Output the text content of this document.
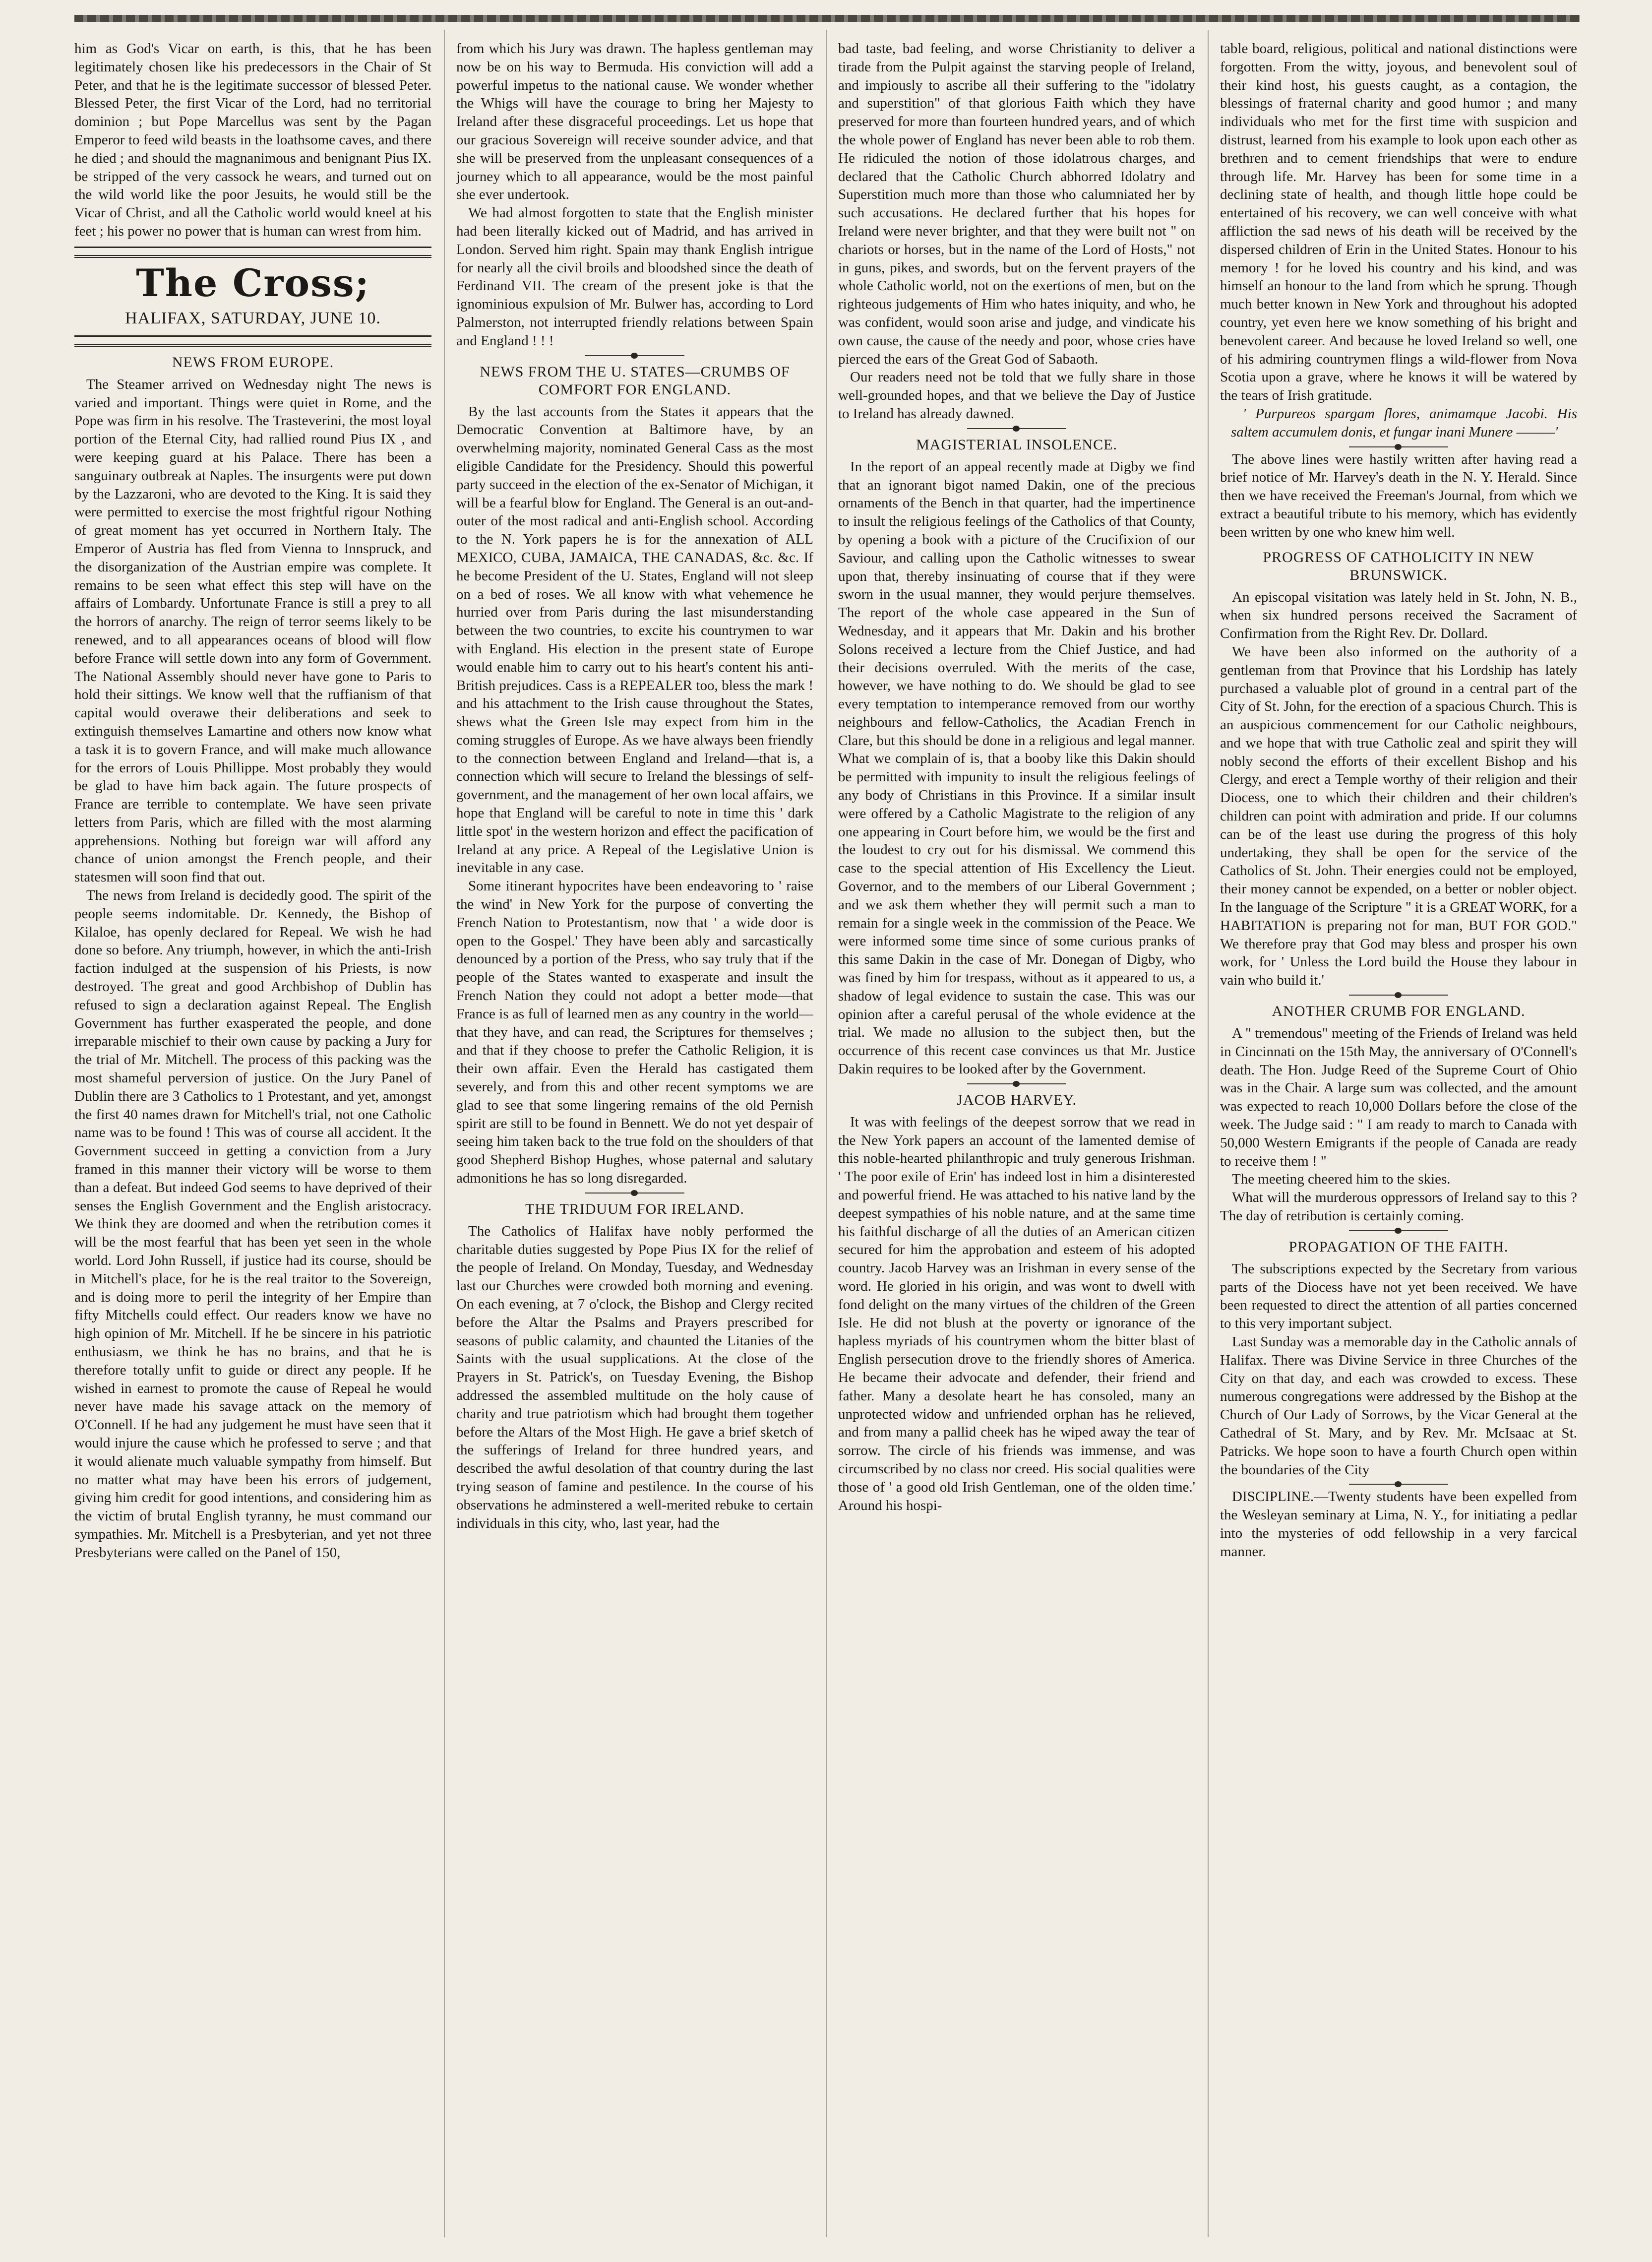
him as God's Vicar on earth, is this, that he has been legitimately chosen like his predecessors in the Chair of St Peter, and that he is the legitimate successor of blessed Peter. Blessed Peter, the first Vicar of the Lord, had no territorial dominion ; but Pope Marcellus was sent by the Pagan Emperor to feed wild beasts in the loathsome caves, and there he died ; and should the magnanimous and benignant Pius IX. be stripped of the very cassock he wears, and turned out on the wild world like the poor Jesuits, he would still be the Vicar of Christ, and all the Catholic world would kneel at his feet ; his power no power that is human can wrest from him.

The Cross;
HALIFAX, SATURDAY, JUNE 10.
NEWS FROM EUROPE.

The Steamer arrived on Wednesday night The news is varied and important. Things were quiet in Rome, and the Pope was firm in his resolve. The Trasteverini, the most loyal portion of the Eternal City, had rallied round Pius IX , and were keeping guard at his Palace. There has been a sanguinary outbreak at Naples. The insurgents were put down by the Lazzaroni, who are devoted to the King. It is said they were permitted to exercise the most frightful rigour Nothing of great moment has yet occurred in Northern Italy. The Emperor of Austria has fled from Vienna to Innspruck, and the disorganization of the Austrian empire was complete. It remains to be seen what effect this step will have on the affairs of Lombardy. Unfortunate France is still a prey to all the horrors of anarchy. The reign of terror seems likely to be renewed, and to all appearances oceans of blood will flow before France will settle down into any form of Government. The National Assembly should never have gone to Paris to hold their sittings. We know well that the ruffianism of that capital would overawe their deliberations and seek to extinguish themselves Lamartine and others now know what a task it is to govern France, and will make much allowance for the errors of Louis Phillippe. Most probably they would be glad to have him back again. The future prospects of France are terrible to contemplate. We have seen private letters from Paris, which are filled with the most alarming apprehensions. Nothing but foreign war will afford any chance of union amongst the French people, and their statesmen will soon find that out.

The news from Ireland is decidedly good. The spirit of the people seems indomitable. Dr. Kennedy, the Bishop of Kilaloe, has openly declared for Repeal. We wish he had done so before. Any triumph, however, in which the anti-Irish faction indulged at the suspension of his Priests, is now destroyed. The great and good Archbishop of Dublin has refused to sign a declaration against Repeal. The English Government has further exasperated the people, and done irreparable mischief to their own cause by packing a Jury for the trial of Mr. Mitchell. The process of this packing was the most shameful perversion of justice. On the Jury Panel of Dublin there are 3 Catholics to 1 Protestant, and yet, amongst the first 40 names drawn for Mitchell's trial, not one Catholic name was to be found ! This was of course all accident. It the Government succeed in getting a conviction from a Jury framed in this manner their victory will be worse to them than a defeat. But indeed God seems to have deprived of their senses the English Government and the English aristocracy. We think they are doomed and when the retribution comes it will be the most fearful that has been yet seen in the whole world. Lord John Russell, if justice had its course, should be in Mitchell's place, for he is the real traitor to the Sovereign, and is doing more to peril the integrity of her Empire than fifty Mitchells could effect. Our readers know we have no high opinion of Mr. Mitchell. If he be sincere in his patriotic enthusiasm, we think he has no brains, and that he is therefore totally unfit to guide or direct any people. If he wished in earnest to promote the cause of Repeal he would never have made his savage attack on the memory of O'Connell. If he had any judgement he must have seen that it would injure the cause which he professed to serve ; and that it would alienate much valuable sympathy from himself. But no matter what may have been his errors of judgement, giving him credit for good intentions, and considering him as the victim of brutal English tyranny, he must command our sympathies. Mr. Mitchell is a Presbyterian, and yet not three Presbyterians were called on the Panel of 150,

from which his Jury was drawn. The hapless gentleman may now be on his way to Bermuda. His conviction will add a powerful impetus to the national cause. We wonder whether the Whigs will have the courage to bring her Majesty to Ireland after these disgraceful proceedings. Let us hope that our gracious Sovereign will receive sounder advice, and that she will be preserved from the unpleasant consequences of a journey which to all appearance, would be the most painful she ever undertook.

We had almost forgotten to state that the English minister had been literally kicked out of Madrid, and has arrived in London. Served him right. Spain may thank English intrigue for nearly all the civil broils and bloodshed since the death of Ferdinand VII. The cream of the present joke is that the ignominious expulsion of Mr. Bulwer has, according to Lord Palmerston, not interrupted friendly relations between Spain and England ! ! !

NEWS FROM THE U. STATES—CRUMBS OF COMFORT FOR ENGLAND.

By the last accounts from the States it appears that the Democratic Convention at Baltimore have, by an overwhelming majority, nominated General Cass as the most eligible Candidate for the Presidency. Should this powerful party succeed in the election of the ex-Senator of Michigan, it will be a fearful blow for England. The General is an out-and-outer of the most radical and anti-English school. According to the N. York papers he is for the annexation of ALL MEXICO, CUBA, JAMAICA, THE CANADAS, &c. &c. If he become President of the U. States, England will not sleep on a bed of roses. We all know with what vehemence he hurried over from Paris during the last misunderstanding between the two countries, to excite his countrymen to war with England. His election in the present state of Europe would enable him to carry out to his heart's content his anti-British prejudices. Cass is a REPEALER too, bless the mark ! and his attachment to the Irish cause throughout the States, shews what the Green Isle may expect from him in the coming struggles of Europe. As we have always been friendly to the connection between England and Ireland—that is, a connection which will secure to Ireland the blessings of self-government, and the management of her own local affairs, we hope that England will be careful to note in time this ' dark little spot' in the western horizon and effect the pacification of Ireland at any price. A Repeal of the Legislative Union is inevitable in any case.

Some itinerant hypocrites have been endeavoring to ' raise the wind' in New York for the purpose of converting the French Nation to Protestantism, now that ' a wide door is open to the Gospel.' They have been ably and sarcastically denounced by a portion of the Press, who say truly that if the people of the States wanted to exasperate and insult the French Nation they could not adopt a better mode—that France is as full of learned men as any country in the world—that they have, and can read, the Scriptures for themselves ; and that if they choose to prefer the Catholic Religion, it is their own affair. Even the Herald has castigated them severely, and from this and other recent symptoms we are glad to see that some lingering remains of the old Pernish spirit are still to be found in Bennett. We do not yet despair of seeing him taken back to the true fold on the shoulders of that good Shepherd Bishop Hughes, whose paternal and salutary admonitions he has so long disregarded.

THE TRIDUUM FOR IRELAND.

The Catholics of Halifax have nobly performed the charitable duties suggested by Pope Pius IX for the relief of the people of Ireland. On Monday, Tuesday, and Wednesday last our Churches were crowded both morning and evening. On each evening, at 7 o'clock, the Bishop and Clergy recited before the Altar the Psalms and Prayers prescribed for seasons of public calamity, and chaunted the Litanies of the Saints with the usual supplications. At the close of the Prayers in St. Patrick's, on Tuesday Evening, the Bishop addressed the assembled multitude on the holy cause of charity and true patriotism which had brought them together before the Altars of the Most High. He gave a brief sketch of the sufferings of Ireland for three hundred years, and described the awful desolation of that country during the last trying season of famine and pestilence. In the course of his observations he adminstered a well-merited rebuke to certain individuals in this city, who, last year, had the

bad taste, bad feeling, and worse Christianity to deliver a tirade from the Pulpit against the starving people of Ireland, and impiously to ascribe all their suffering to the "idolatry and superstition" of that glorious Faith which they have preserved for more than fourteen hundred years, and of which the whole power of England has never been able to rob them. He ridiculed the notion of those idolatrous charges, and declared that the Catholic Church abhorred Idolatry and Superstition much more than those who calumniated her by such accusations. He declared further that his hopes for Ireland were never brighter, and that they were built not " on chariots or horses, but in the name of the Lord of Hosts," not in guns, pikes, and swords, but on the fervent prayers of the whole Catholic world, not on the exertions of men, but on the righteous judgements of Him who hates iniquity, and who, he was confident, would soon arise and judge, and vindicate his own cause, the cause of the needy and poor, whose cries have pierced the ears of the Great God of Sabaoth.

Our readers need not be told that we fully share in those well-grounded hopes, and that we believe the Day of Justice to Ireland has already dawned.

MAGISTERIAL INSOLENCE.

In the report of an appeal recently made at Digby we find that an ignorant bigot named Dakin, one of the precious ornaments of the Bench in that quarter, had the impertinence to insult the religious feelings of the Catholics of that County, by opening a book with a picture of the Crucifixion of our Saviour, and calling upon the Catholic witnesses to swear upon that, thereby insinuating of course that if they were sworn in the usual manner, they would perjure themselves. The report of the whole case appeared in the Sun of Wednesday, and it appears that Mr. Dakin and his brother Solons received a lecture from the Chief Justice, and had their decisions overruled. With the merits of the case, however, we have nothing to do. We should be glad to see every temptation to intemperance removed from our worthy neighbours and fellow-Catholics, the Acadian French in Clare, but this should be done in a religious and legal manner. What we complain of is, that a booby like this Dakin should be permitted with impunity to insult the religious feelings of any body of Christians in this Province. If a similar insult were offered by a Catholic Magistrate to the religion of any one appearing in Court before him, we would be the first and the loudest to cry out for his dismissal. We commend this case to the special attention of His Excellency the Lieut. Governor, and to the members of our Liberal Government ; and we ask them whether they will permit such a man to remain for a single week in the commission of the Peace. We were informed some time since of some curious pranks of this same Dakin in the case of Mr. Donegan of Digby, who was fined by him for trespass, without as it appeared to us, a shadow of legal evidence to sustain the case. This was our opinion after a careful perusal of the whole evidence at the trial. We made no allusion to the subject then, but the occurrence of this recent case convinces us that Mr. Justice Dakin requires to be looked after by the Government.

JACOB HARVEY.

It was with feelings of the deepest sorrow that we read in the New York papers an account of the lamented demise of this noble-hearted philanthropic and truly generous Irishman. ' The poor exile of Erin' has indeed lost in him a disinterested and powerful friend. He was attached to his native land by the deepest sympathies of his noble nature, and at the same time his faithful discharge of all the duties of an American citizen secured for him the approbation and esteem of his adopted country. Jacob Harvey was an Irishman in every sense of the word. He gloried in his origin, and was wont to dwell with fond delight on the many virtues of the children of the Green Isle. He did not blush at the poverty or ignorance of the hapless myriads of his countrymen whom the bitter blast of English persecution drove to the friendly shores of America. He became their advocate and defender, their friend and father. Many a desolate heart he has consoled, many an unprotected widow and unfriended orphan has he relieved, and from many a pallid cheek has he wiped away the tear of sorrow. The circle of his friends was immense, and was circumscribed by no class nor creed. His social qualities were those of ' a good old Irish Gentleman, one of the olden time.' Around his hospi-

table board, religious, political and national distinctions were forgotten. From the witty, joyous, and benevolent soul of their kind host, his guests caught, as a contagion, the blessings of fraternal charity and good humor ; and many individuals who met for the first time with suspicion and distrust, learned from his example to look upon each other as brethren and to cement friendships that were to endure through life. Mr. Harvey has been for some time in a declining state of health, and though little hope could be entertained of his recovery, we can well conceive with what affliction the sad news of his death will be received by the dispersed children of Erin in the United States. Honour to his memory ! for he loved his country and his kind, and was himself an honour to the land from which he sprung. Though much better known in New York and throughout his adopted country, yet even here we know something of his bright and benevolent career. And because he loved Ireland so well, one of his admiring countrymen flings a wild-flower from Nova Scotia upon a grave, where he knows it will be watered by the tears of Irish gratitude.

' Purpureos spargam flores, animamque Jacobi. His saltem accumulem donis, et fungar inani Munere ———'

The above lines were hastily written after having read a brief notice of Mr. Harvey's death in the N. Y. Herald. Since then we have received the Freeman's Journal, from which we extract a beautiful tribute to his memory, which has evidently been written by one who knew him well.

PROGRESS OF CATHOLICITY IN NEW BRUNSWICK.

An episcopal visitation was lately held in St. John, N. B., when six hundred persons received the Sacrament of Confirmation from the Right Rev. Dr. Dollard.

We have been also informed on the authority of a gentleman from that Province that his Lordship has lately purchased a valuable plot of ground in a central part of the City of St. John, for the erection of a spacious Church. This is an auspicious commencement for our Catholic neighbours, and we hope that with true Catholic zeal and spirit they will nobly second the efforts of their excellent Bishop and his Clergy, and erect a Temple worthy of their religion and their Diocess, one to which their children and their children's children can point with admiration and pride. If our columns can be of the least use during the progress of this holy undertaking, they shall be open for the service of the Catholics of St. John. Their energies could not be employed, their money cannot be expended, on a better or nobler object. In the language of the Scripture " it is a GREAT WORK, for a HABITATION is preparing not for man, BUT FOR GOD." We therefore pray that God may bless and prosper his own work, for ' Unless the Lord build the House they labour in vain who build it.'

ANOTHER CRUMB FOR ENGLAND.

A " tremendous" meeting of the Friends of Ireland was held in Cincinnati on the 15th May, the anniversary of O'Connell's death. The Hon. Judge Reed of the Supreme Court of Ohio was in the Chair. A large sum was collected, and the amount was expected to reach 10,000 Dollars before the close of the week. The Judge said : " I am ready to march to Canada with 50,000 Western Emigrants if the people of Canada are ready to receive them ! "

The meeting cheered him to the skies.

What will the murderous oppressors of Ireland say to this ? The day of retribution is certainly coming.

PROPAGATION OF THE FAITH.

The subscriptions expected by the Secretary from various parts of the Diocess have not yet been received. We have been requested to direct the attention of all parties concerned to this very important subject.

Last Sunday was a memorable day in the Catholic annals of Halifax. There was Divine Service in three Churches of the City on that day, and each was crowded to excess. These numerous congregations were addressed by the Bishop at the Church of Our Lady of Sorrows, by the Vicar General at the Cathedral of St. Mary, and by Rev. Mr. McIsaac at St. Patricks. We hope soon to have a fourth Church open within the boundaries of the City

DISCIPLINE.—Twenty students have been expelled from the Wesleyan seminary at Lima, N. Y., for initiating a pedlar into the mysteries of odd fellowship in a very farcical manner.
